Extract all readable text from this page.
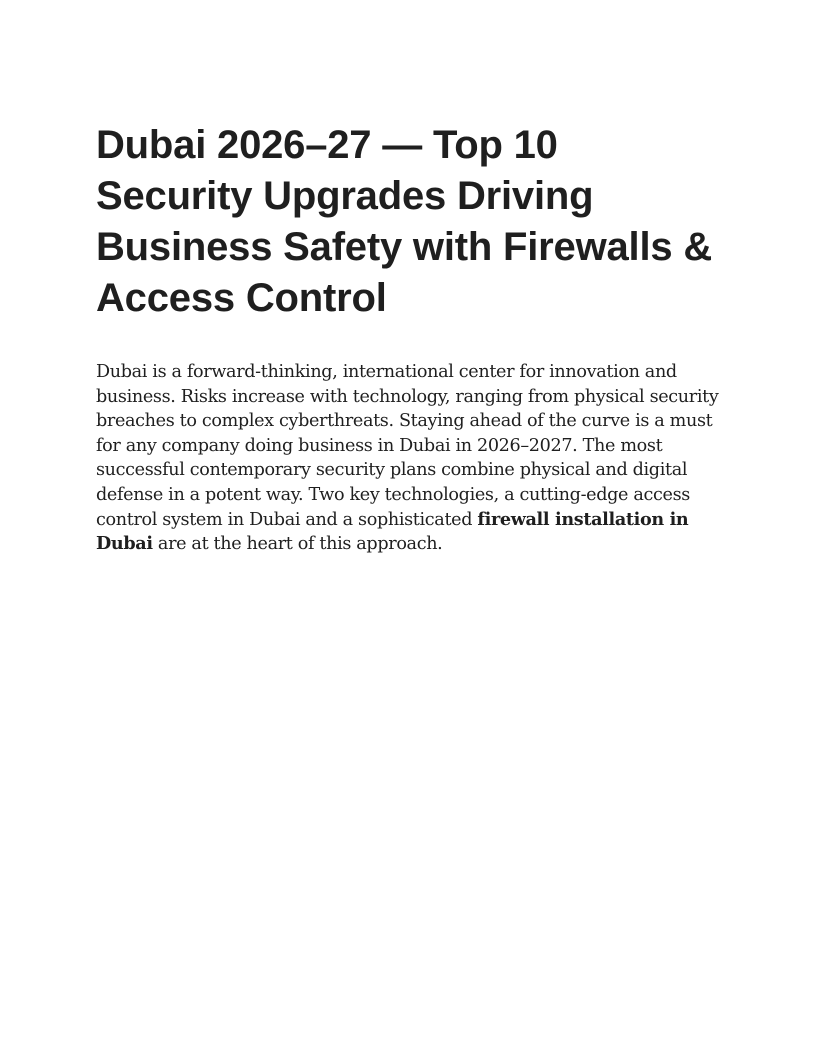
Dubai 2026–27 — Top 10 Security Upgrades Driving Business Safety with Firewalls & Access Control

Dubai is a forward-thinking, international center for innovation and business. Risks increase with technology, ranging from physical security breaches to complex cyberthreats. Staying ahead of the curve is a must for any company doing business in Dubai in 2026–2027. The most successful contemporary security plans combine physical and digital defense in a potent way. Two key technologies, a cutting-edge access control system in Dubai and a sophisticated firewall installation in Dubai are at the heart of this approach.
